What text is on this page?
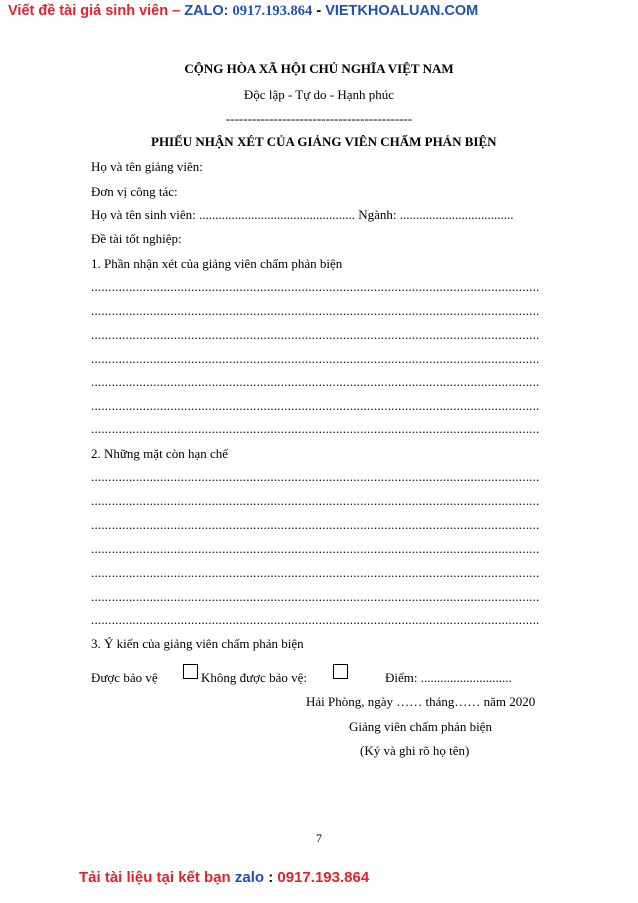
Viết đề tài giá sinh viên – ZALO: 0917.193.864 - VIETKHOALUAN.COM
CỘNG HÒA XÃ HỘI CHỦ NGHĨA VIỆT NAM
Độc lập - Tự do - Hạnh phúc
-------------------------------------------
PHIẾU NHẬN XÉT CỦA GIẢNG VIÊN CHẤM PHẢN BIỆN
Họ và tên giảng viên:
Đơn vị công tác:
Họ và tên sinh viên: ................................................ Ngành: ...................................
Đề tài tốt nghiệp:
1. Phần nhận xét của giảng viên chấm phản biện
..................................................................................................................................
..................................................................................................................................
..................................................................................................................................
..................................................................................................................................
..................................................................................................................................
..................................................................................................................................
..................................................................................................................................
2. Những mặt còn hạn chế
..................................................................................................................................
..................................................................................................................................
..................................................................................................................................
..................................................................................................................................
..................................................................................................................................
..................................................................................................................................
..................................................................................................................................
3. Ý kiến của giảng viên chấm phản biện
Được bảo vệ	Không được bảo vệ:	Điểm: ............................
Hải Phòng, ngày …… tháng…… năm 2020
Giảng viên chấm phản biện
(Ký và ghi rõ họ tên)
7
Tải tài liệu tại kết bạn zalo : 0917.193.864
